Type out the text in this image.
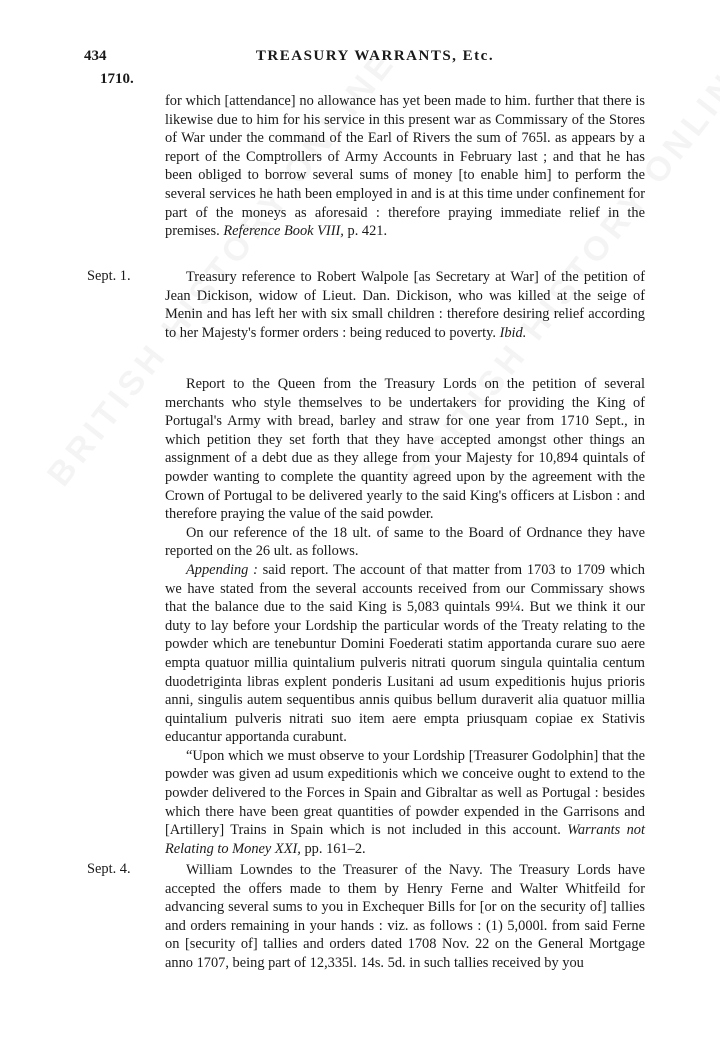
434	TREASURY WARRANTS, Etc.
1710.

for which [attendance] no allowance has yet been made to him. further that there is likewise due to him for his service in this present war as Commissary of the Stores of War under the command of the Earl of Rivers the sum of 765l. as appears by a report of the Comptrollers of Army Accounts in February last ; and that he has been obliged to borrow several sums of money [to enable him] to perform the several services he hath been employed in and is at this time under confinement for part of the moneys as aforesaid : therefore praying immediate relief in the premises. Reference Book VIII, p. 421.

Sept. 1.	Treasury reference to Robert Walpole [as Secretary at War] of the petition of Jean Dickison, widow of Lieut. Dan. Dickison, who was killed at the seige of Menin and has left her with six small children : therefore desiring relief according to her Majesty's former orders : being reduced to poverty. Ibid.

Report to the Queen from the Treasury Lords on the petition of several merchants who style themselves to be undertakers for providing the King of Portugal's Army with bread, barley and straw for one year from 1710 Sept., in which petition they set forth that they have accepted amongst other things an assignment of a debt due as they allege from your Majesty for 10,894 quintals of powder wanting to complete the quantity agreed upon by the agreement with the Crown of Portugal to be delivered yearly to the said King's officers at Lisbon : and therefore praying the value of the said powder.

On our reference of the 18 ult. of same to the Board of Ordnance they have reported on the 26 ult. as follows.

Appending : said report. The account of that matter from 1703 to 1709 which we have stated from the several accounts received from our Commissary shows that the balance due to the said King is 5,083 quintals 99¼. But we think it our duty to lay before your Lordship the particular words of the Treaty relating to the powder which are tenebuntur Domini Foederati statim apportanda curare suo aere empta quatuor millia quintalium pulveris nitrati quorum singula quintalia centum duodetriginta libras explent ponderis Lusitani ad usum expeditionis hujus prioris anni, singulis autem sequentibus annis quibus bellum duraverit alia quatuor millia quintalium pulveris nitrati suo item aere empta priusquam copiae ex Stativis educantur apportanda curabunt.

“Upon which we must observe to your Lordship [Treasurer Godolphin] that the powder was given ad usum expeditionis which we conceive ought to extend to the powder delivered to the Forces in Spain and Gibraltar as well as Portugal : besides which there have been great quantities of powder expended in the Garrisons and [Artillery] Trains in Spain which is not included in this account. Warrants not Relating to Money XXI, pp. 161–2.

Sept. 4.	William Lowndes to the Treasurer of the Navy. The Treasury Lords have accepted the offers made to them by Henry Ferne and Walter Whitfeild for advancing several sums to you in Exchequer Bills for [or on the security of] tallies and orders remaining in your hands : viz. as follows : (1) 5,000l. from said Ferne on [security of] tallies and orders dated 1708 Nov. 22 on the General Mortgage anno 1707, being part of 12,335l. 14s. 5d. in such tallies received by you
